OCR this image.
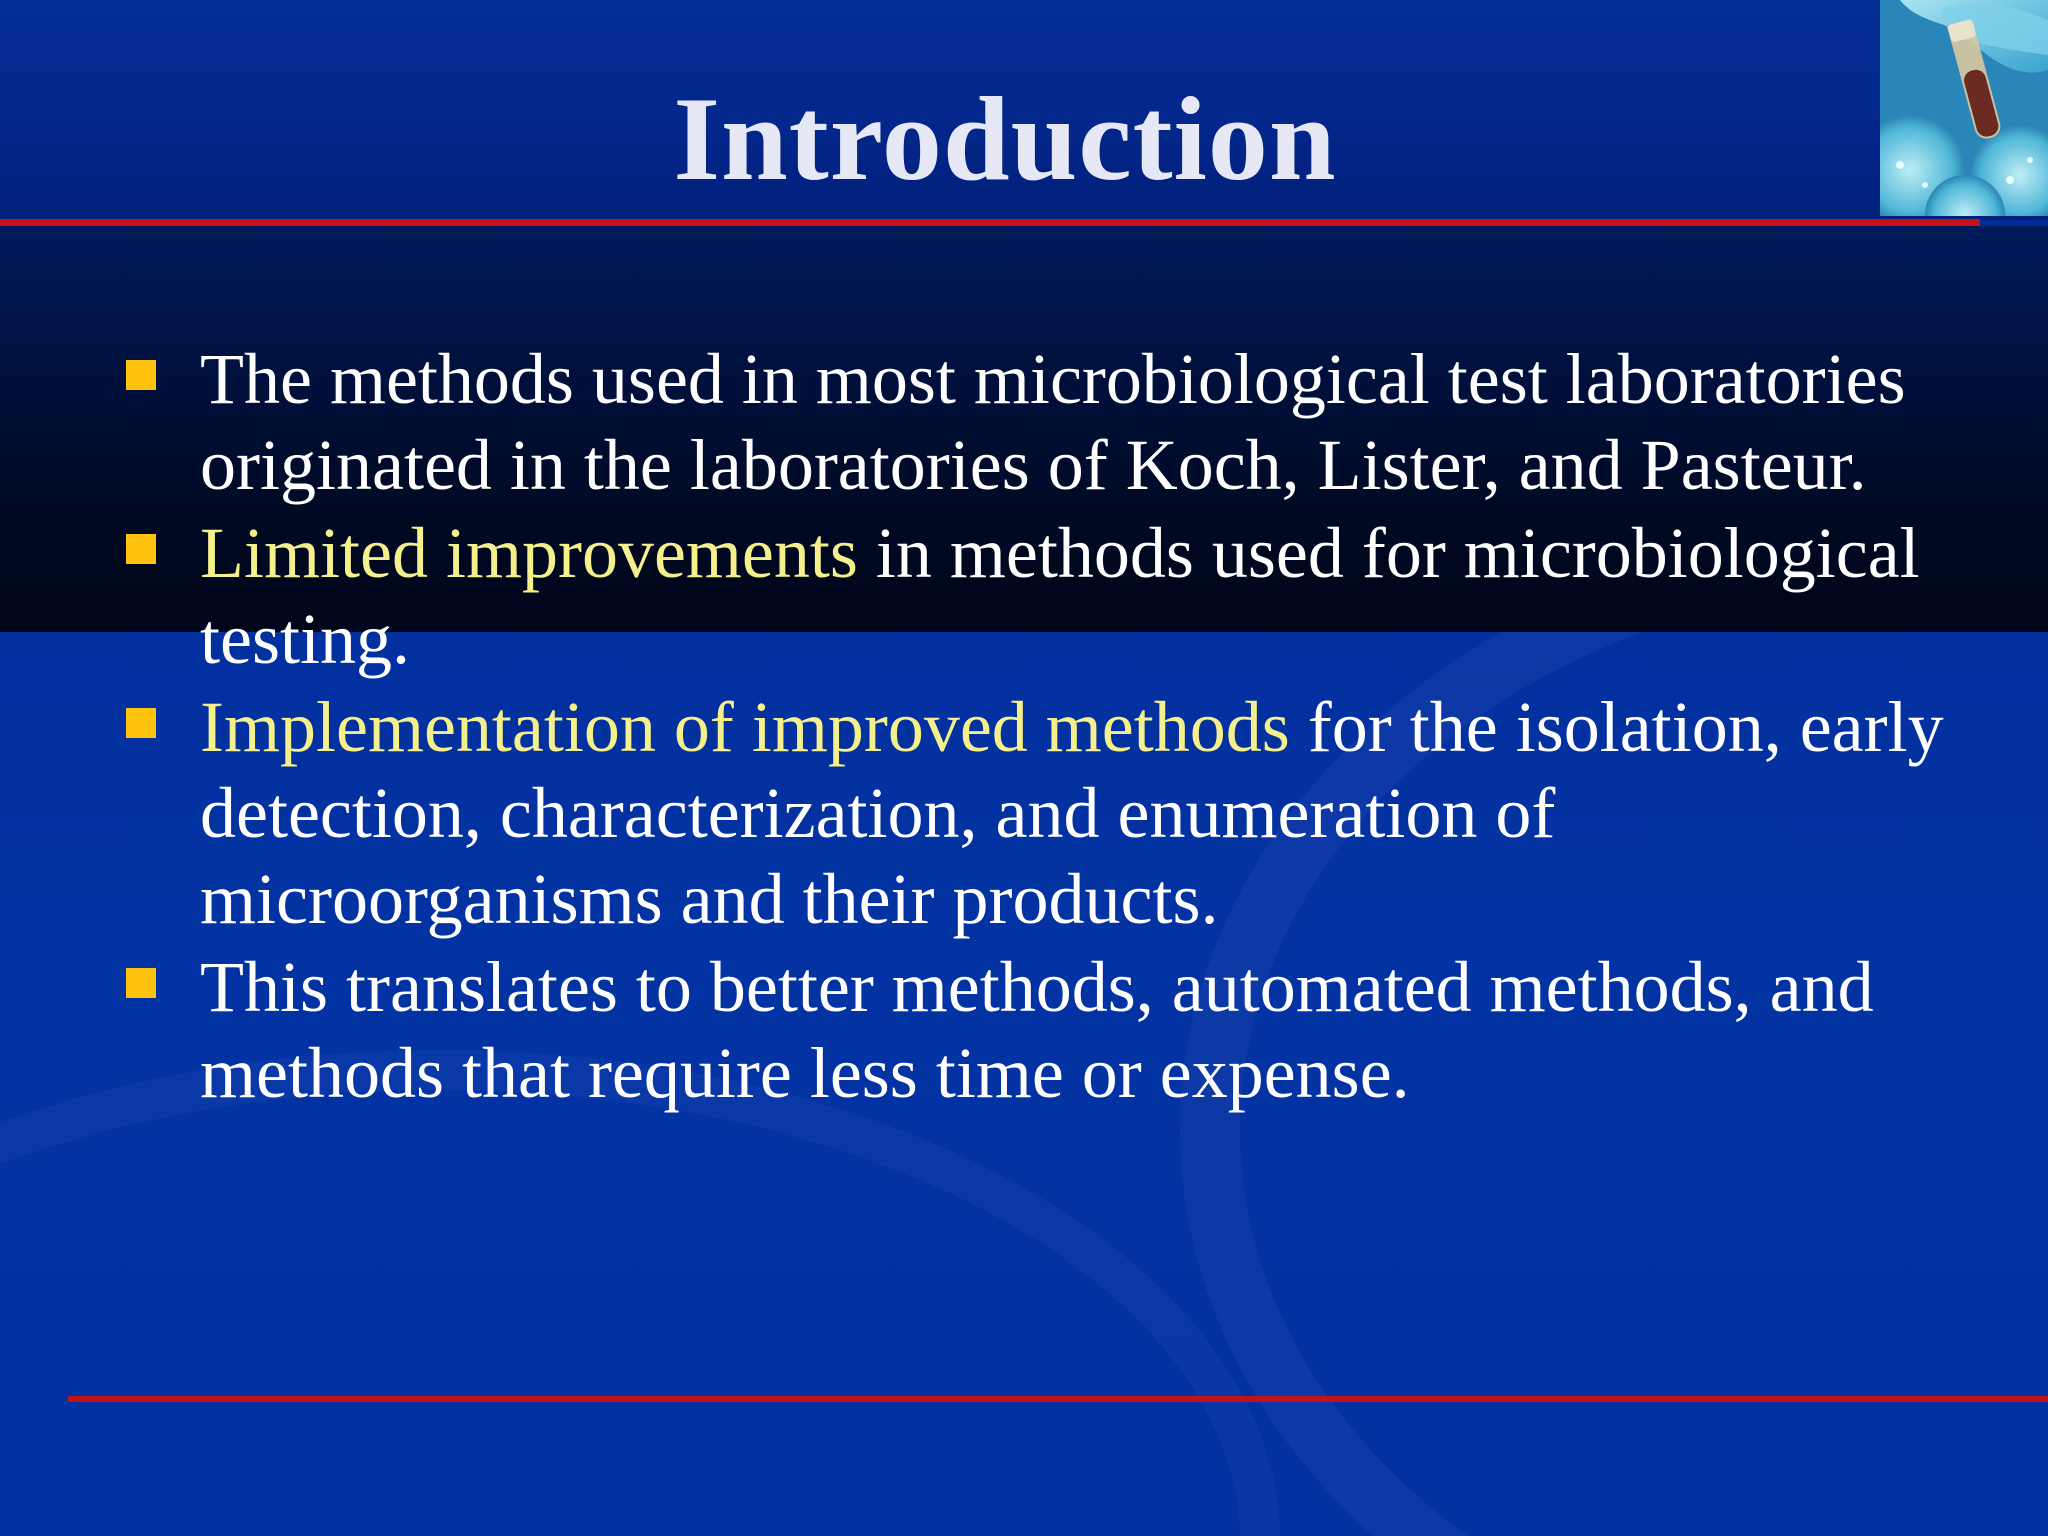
Introduction
The methods used in most microbiological test laboratories originated in the laboratories of Koch, Lister, and Pasteur.
Limited improvements in methods used for microbiological testing.
Implementation of improved methods for the isolation, early detection, characterization, and enumeration of microorganisms and their products.
This translates to better methods, automated methods, and methods that require less time or expense.
